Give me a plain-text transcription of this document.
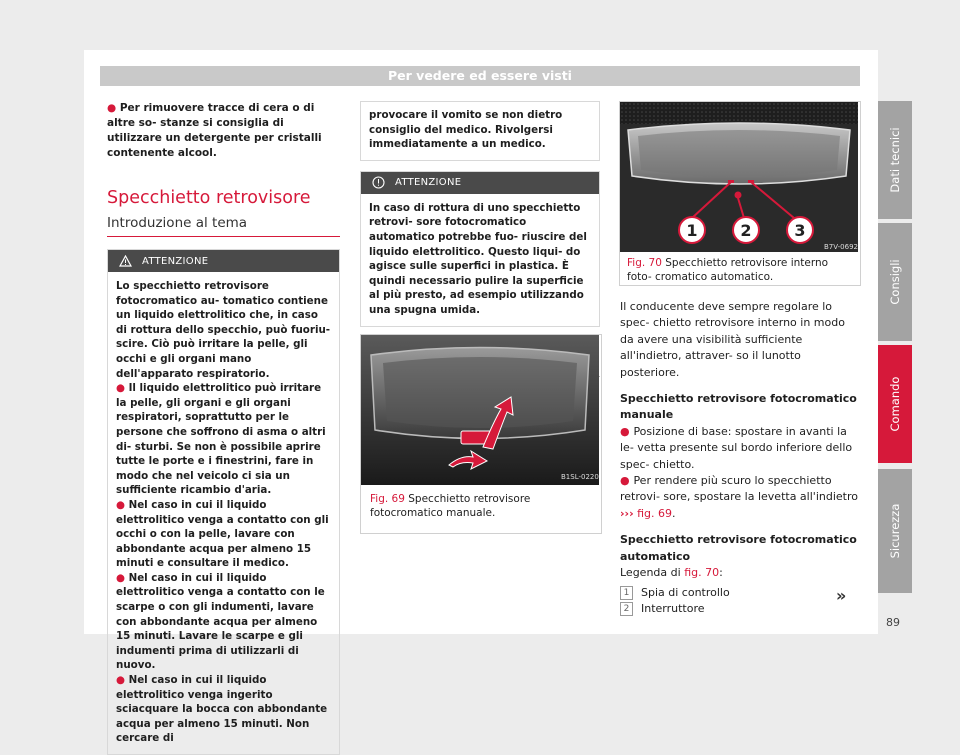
Per vedere ed essere visti
● Per rimuovere tracce di cera o di altre so- stanze si consiglia di utilizzare un detergente per cristalli contenente alcool.
Specchietto retrovisore
Introduzione al tema
ATTENZIONE
Lo specchietto retrovisore fotocromatico au- tomatico contiene un liquido elettrolitico che, in caso di rottura dello specchio, può fuoriu- scire. Ciò può irritare la pelle, gli occhi e gli organi mano dell'apparato respiratorio.
● Il liquido elettrolitico può irritare la pelle, gli organi e gli organi respiratori, soprattutto per le persone che soffrono di asma o altri di- sturbi. Se non è possibile aprire tutte le porte e i finestrini, fare in modo che nel veicolo ci sia un sufficiente ricambio d'aria.
● Nel caso in cui il liquido elettrolitico venga a contatto con gli occhi o con la pelle, lavare con abbondante acqua per almeno 15 minuti e consultare il medico.
● Nel caso in cui il liquido elettrolitico venga a contatto con le scarpe o con gli indumenti, lavare con abbondante acqua per almeno 15 minuti. Lavare le scarpe e gli indumenti prima di utilizzarli di nuovo.
● Nel caso in cui il liquido elettrolitico venga ingerito sciacquare la bocca con abbondante acqua per almeno 15 minuti. Non cercare di
provocare il vomito se non dietro consiglio del medico. Rivolgersi immediatamente a un medico.
ATTENZIONE
In caso di rottura di uno specchietto retrovi- sore fotocromatico automatico potrebbe fuo- riuscire del liquido elettrolitico. Questo liqui- do agisce sulle superfici in plastica. È quindi necessario pulire la superficie al più presto, ad esempio utilizzando una spugna umida.
B1SL-0220
Fig. 69 Specchietto retrovisore fotocromatico manuale.
1	2	3
B7V-0692
Fig. 70 Specchietto retrovisore interno foto- cromatico automatico.
Il conducente deve sempre regolare lo spec- chietto retrovisore interno in modo da avere una visibilità sufficiente all'indietro, attraver- so il lunotto posteriore.
Specchietto retrovisore fotocromatico manuale
● Posizione di base: spostare in avanti la le- vetta presente sul bordo inferiore dello spec- chietto.
● Per rendere più scuro lo specchietto retrovi- sore, spostare la levetta all'indietro ››› fig. 69.
Specchietto retrovisore fotocromatico automatico
Legenda di fig. 70:
1 Spia di controllo
2 Interruttore
»
Dati tecnici
Consigli
Comando
Sicurezza
89
